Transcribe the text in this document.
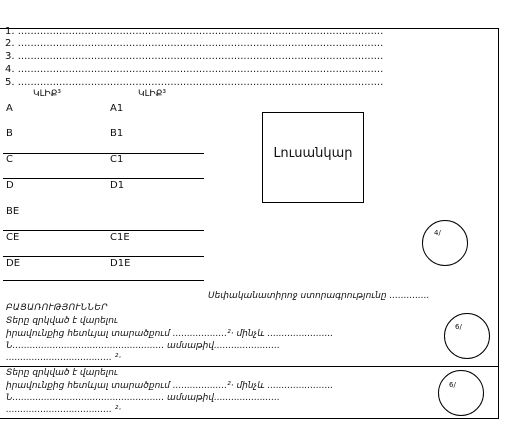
1. ...................................................................................................................
2. ...................................................................................................................
3. ...................................................................................................................
4. ...................................................................................................................
5. ...................................................................................................................
ԿԼԻՔ³	ԿԼԻՔ³
A	A1
B	B1
C	C1
D	D1
BE
CE	C1E
DE	D1E
Լուսանկար
4/
Սեփականատիրոջ ստորագրությունը ..............
ԲԱՑԱՌՈՒԹՅՈՒՆՆԵՐ
Տերը զրկված է վարելու
իրավունքից հետևյալ տարածքում ...................²· մինչև .......................
Ն..................................................... ամսաթիվ.......................
..................................... ²·
6/
Տերը զրկված է վարելու
իրավունքից հետևյալ տարածքում ...................²· մինչև .......................
Ն..................................................... ամսաթիվ.......................
..................................... ²·
6/
